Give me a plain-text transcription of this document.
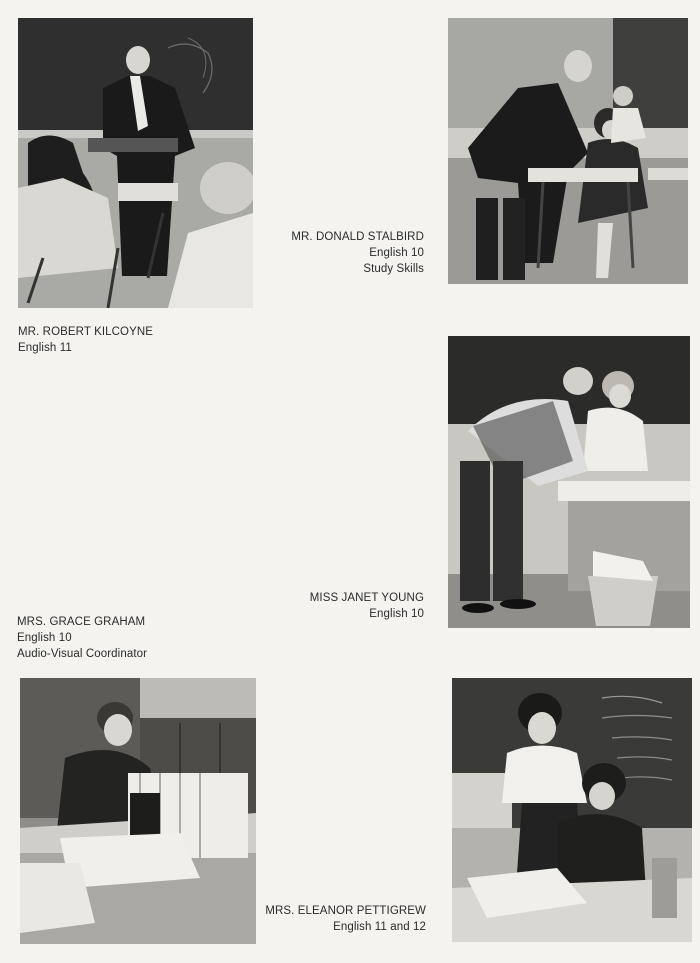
MR. ROBERT KILCOYNE
English 11
MR. DONALD STALBIRD
English 10
Study Skills
MRS. GRACE GRAHAM
English 10
Audio-Visual Coordinator
MISS JANET YOUNG
English 10
MRS. ELEANOR PETTIGREW
English 11 and 12
